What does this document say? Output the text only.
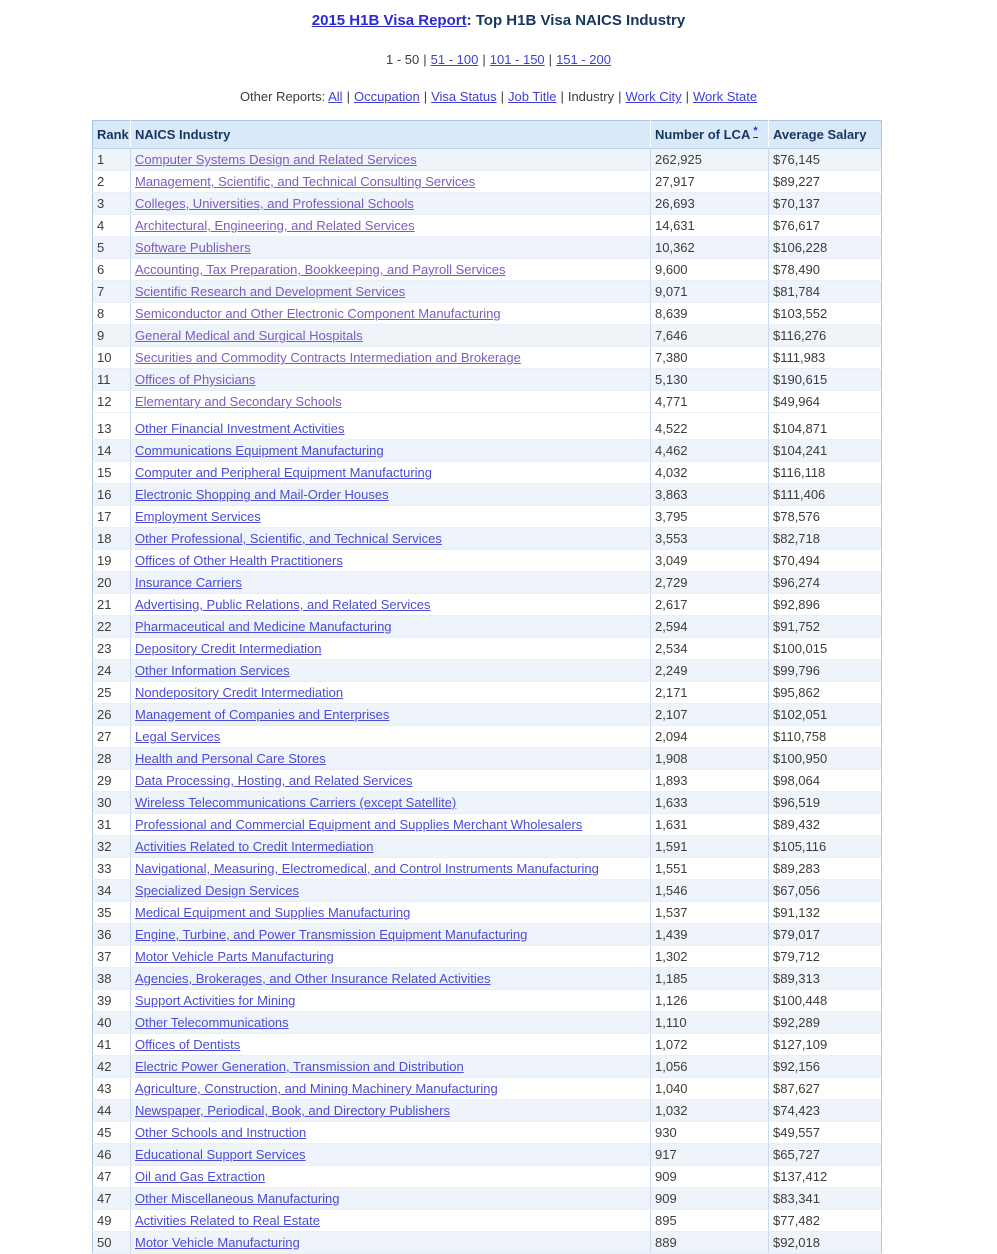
2015 H1B Visa Report: Top H1B Visa NAICS Industry
1 - 50 | 51 - 100 | 101 - 150 | 151 - 200
Other Reports: All | Occupation | Visa Status | Job Title | Industry | Work City | Work State
Rank	NAICS Industry	Number of LCA *	Average Salary
1	Computer Systems Design and Related Services	262,925	$76,145
2	Management, Scientific, and Technical Consulting Services	27,917	$89,227
3	Colleges, Universities, and Professional Schools	26,693	$70,137
4	Architectural, Engineering, and Related Services	14,631	$76,617
5	Software Publishers	10,362	$106,228
6	Accounting, Tax Preparation, Bookkeeping, and Payroll Services	9,600	$78,490
7	Scientific Research and Development Services	9,071	$81,784
8	Semiconductor and Other Electronic Component Manufacturing	8,639	$103,552
9	General Medical and Surgical Hospitals	7,646	$116,276
10	Securities and Commodity Contracts Intermediation and Brokerage	7,380	$111,983
11	Offices of Physicians	5,130	$190,615
12	Elementary and Secondary Schools	4,771	$49,964

13	Other Financial Investment Activities	4,522	$104,871
14	Communications Equipment Manufacturing	4,462	$104,241
15	Computer and Peripheral Equipment Manufacturing	4,032	$116,118
16	Electronic Shopping and Mail-Order Houses	3,863	$111,406
17	Employment Services	3,795	$78,576
18	Other Professional, Scientific, and Technical Services	3,553	$82,718
19	Offices of Other Health Practitioners	3,049	$70,494
20	Insurance Carriers	2,729	$96,274
21	Advertising, Public Relations, and Related Services	2,617	$92,896
22	Pharmaceutical and Medicine Manufacturing	2,594	$91,752
23	Depository Credit Intermediation	2,534	$100,015
24	Other Information Services	2,249	$99,796
25	Nondepository Credit Intermediation	2,171	$95,862
26	Management of Companies and Enterprises	2,107	$102,051
27	Legal Services	2,094	$110,758
28	Health and Personal Care Stores	1,908	$100,950
29	Data Processing, Hosting, and Related Services	1,893	$98,064
30	Wireless Telecommunications Carriers (except Satellite)	1,633	$96,519
31	Professional and Commercial Equipment and Supplies Merchant Wholesalers	1,631	$89,432
32	Activities Related to Credit Intermediation	1,591	$105,116
33	Navigational, Measuring, Electromedical, and Control Instruments Manufacturing	1,551	$89,283
34	Specialized Design Services	1,546	$67,056
35	Medical Equipment and Supplies Manufacturing	1,537	$91,132
36	Engine, Turbine, and Power Transmission Equipment Manufacturing	1,439	$79,017
37	Motor Vehicle Parts Manufacturing	1,302	$79,712
38	Agencies, Brokerages, and Other Insurance Related Activities	1,185	$89,313
39	Support Activities for Mining	1,126	$100,448
40	Other Telecommunications	1,110	$92,289
41	Offices of Dentists	1,072	$127,109
42	Electric Power Generation, Transmission and Distribution	1,056	$92,156
43	Agriculture, Construction, and Mining Machinery Manufacturing	1,040	$87,627
44	Newspaper, Periodical, Book, and Directory Publishers	1,032	$74,423
45	Other Schools and Instruction	930	$49,557
46	Educational Support Services	917	$65,727
47	Oil and Gas Extraction	909	$137,412
47	Other Miscellaneous Manufacturing	909	$83,341
49	Activities Related to Real Estate	895	$77,482
50	Motor Vehicle Manufacturing	889	$92,018
